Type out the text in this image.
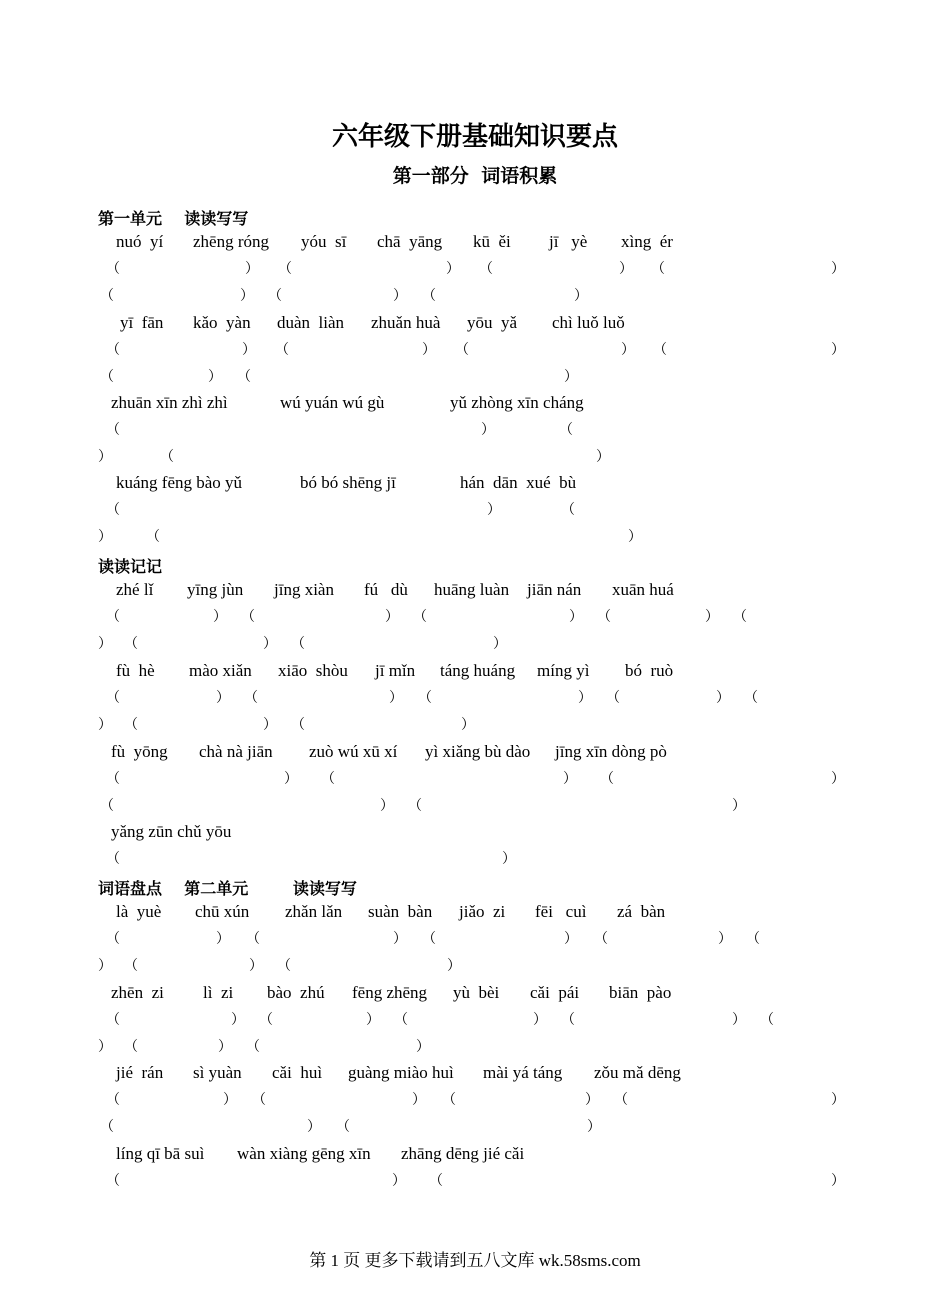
六年级下册基础知识要点
第一部分 词语积累
第一单元    读读写写
nuó  yí zhēng róng yóu  sī chā  yāng kū  ěi jī   yè xìng  ér
（	） （	） （	） （	）
（	） （	） （	）
yī  fān kǎo  yàn duàn  liàn zhuǎn huà yōu  yǎ chì luǒ luǒ
（	） （	） （	） （	）
（	） （	）
zhuān xīn zhì zhì	wú yuán wú gù	yǔ zhòng xīn cháng
（	）	（
）	（	）
kuáng fēng bào yǔ	bó bó shēng jī	hán  dān  xué  bù
（	）	（
） （	）
读读记记
zhé lǐ yīng jùn jīng xiàn fú   dù huāng luàn jiān nán xuān huá
（	） （	） （	） （	） （
） （	） （	）
fù  hè mào xiǎn xiāo  shòu jī mǐn táng huáng míng yì bó  ruò
（	） （	） （	） （	） （
） （	） （	）
fù  yōng chà nà jiān zuò wú xū xí yì xiǎng bù dào jīng xīn dòng pò
（	） （	） （	）
（	） （	）
yǎng zūn chǔ yōu
（	）
词语盘点    第二单元        读读写写
là  yuè chū xún zhǎn lǎn suàn  bàn jiǎo  zi fēi   cuì zá  bàn
（	） （	） （	） （	） （
） （	） （	）
zhēn  zi lì  zi bào  zhú fēng zhēng yù  bèi cǎi  pái biān  pào
（	） （	） （	） （	） （
） （	） （	）
jié  rán sì yuàn cǎi  huì guàng miào huì mài yá táng zǒu mǎ dēng
（	） （	） （	） （	）
（	） （	）
líng qī bā suì wàn xiàng gēng xīn zhāng dēng jié cǎi
（	） （	）
第 1 页 更多下载请到五八文库 wk.58sms.com
